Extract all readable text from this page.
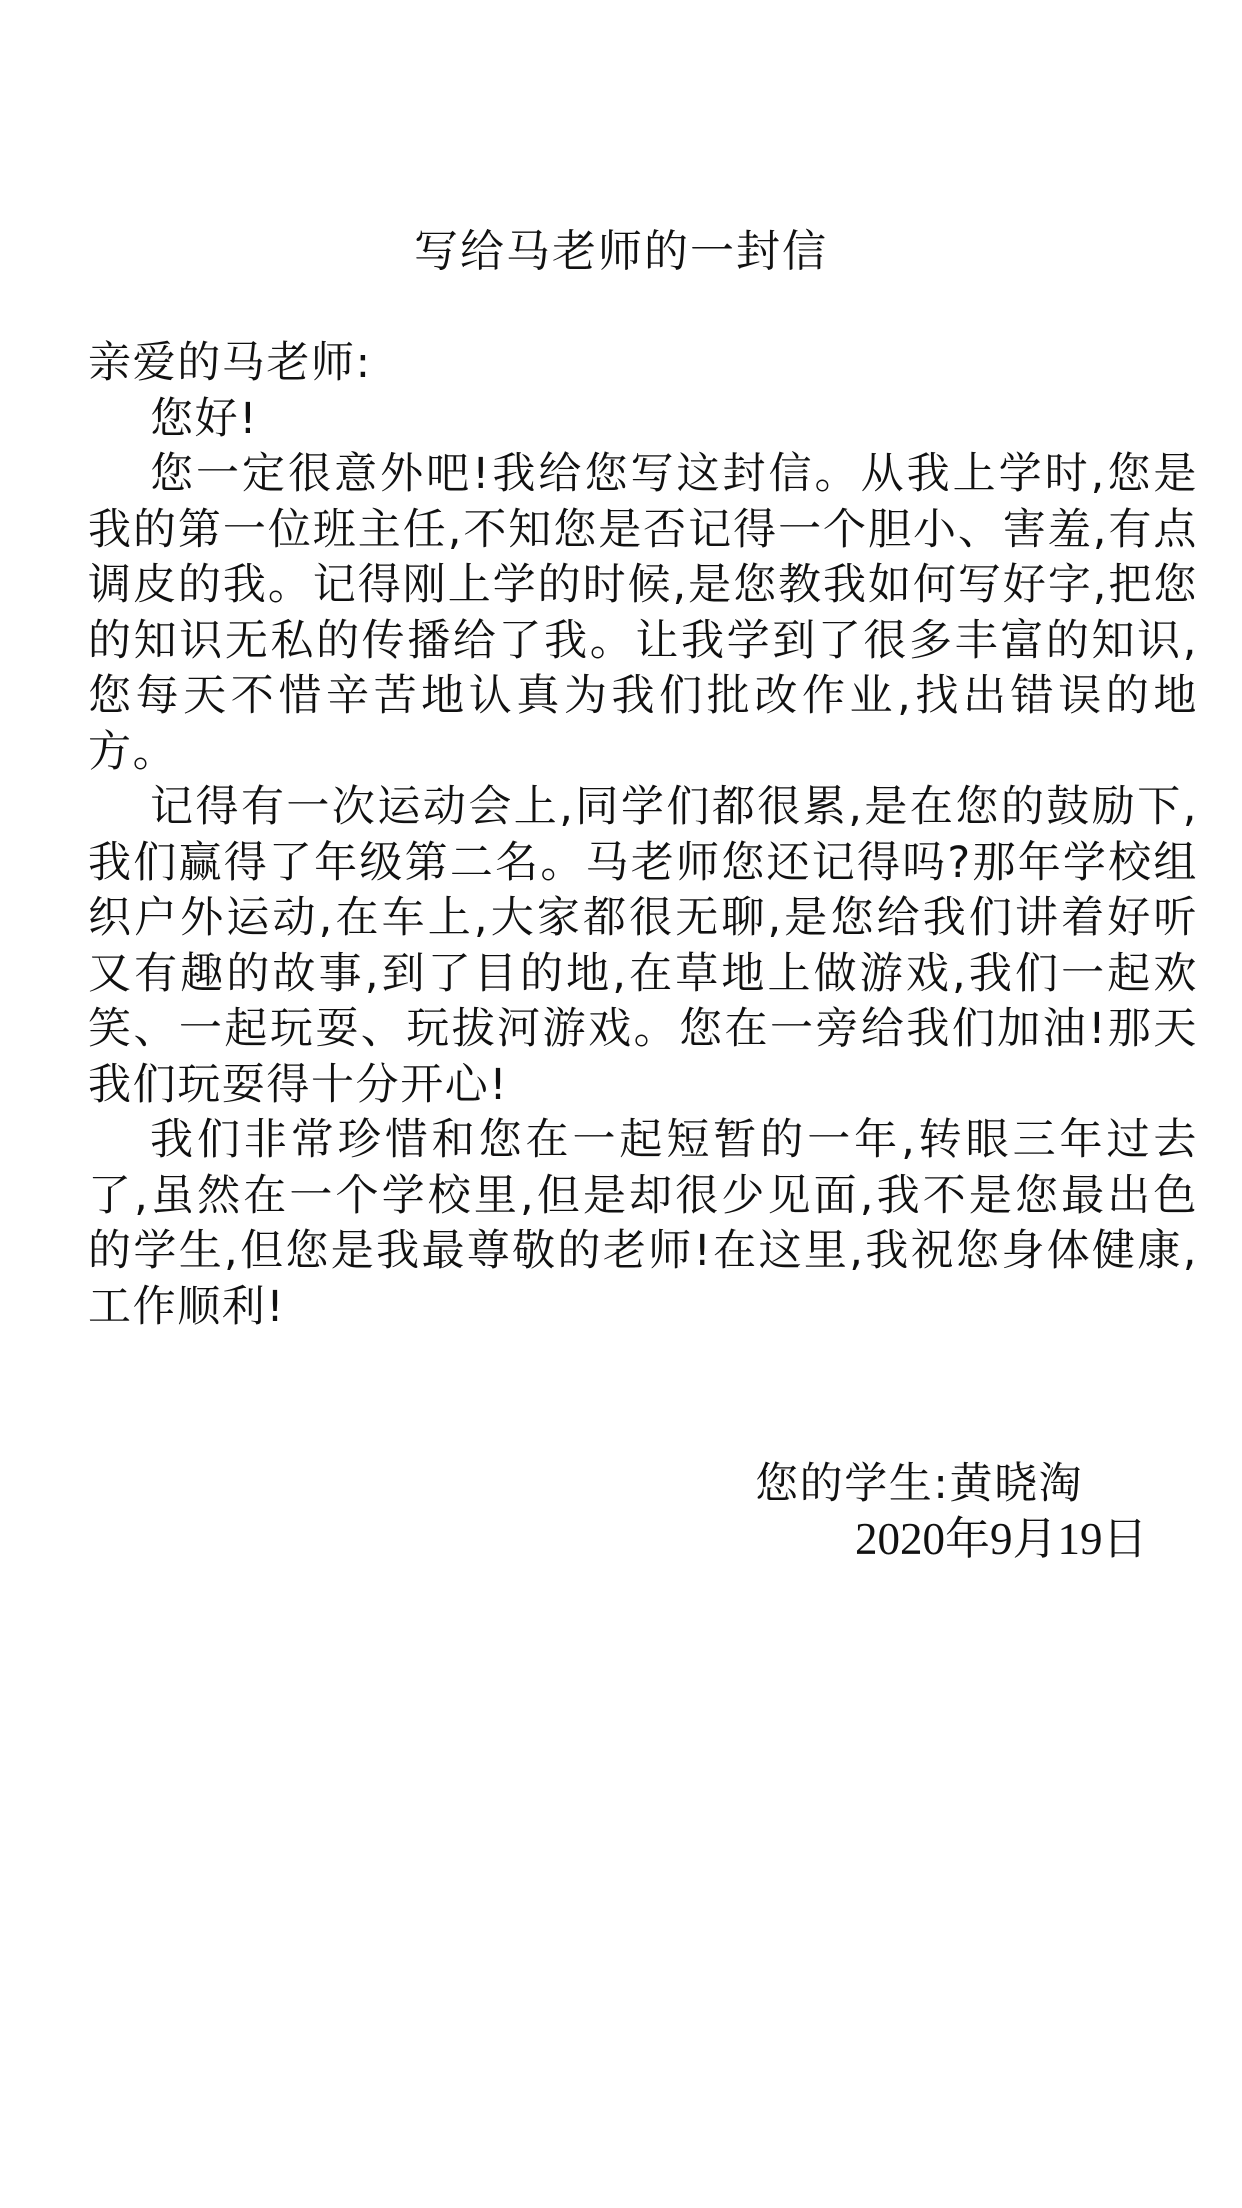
写给马老师的一封信

亲爱的马老师:

您好!

您一定很意外吧!我给您写这封信。从我上学时,您是我的第一位班主任,不知您是否记得一个胆小、害羞,有点调皮的我。记得刚上学的时候,是您教我如何写好字,把您的知识无私的传播给了我。让我学到了很多丰富的知识,您每天不惜辛苦地认真为我们批改作业,找出错误的地方。

记得有一次运动会上,同学们都很累,是在您的鼓励下,我们赢得了年级第二名。马老师您还记得吗?那年学校组织户外运动,在车上,大家都很无聊,是您给我们讲着好听又有趣的故事,到了目的地,在草地上做游戏,我们一起欢笑、一起玩耍、玩拔河游戏。您在一旁给我们加油!那天我们玩耍得十分开心!

我们非常珍惜和您在一起短暂的一年,转眼三年过去了,虽然在一个学校里,但是却很少见面,我不是您最出色的学生,但您是我最尊敬的老师!在这里,我祝您身体健康,工作顺利!

您的学生:黄晓淘
2020年9月19日
